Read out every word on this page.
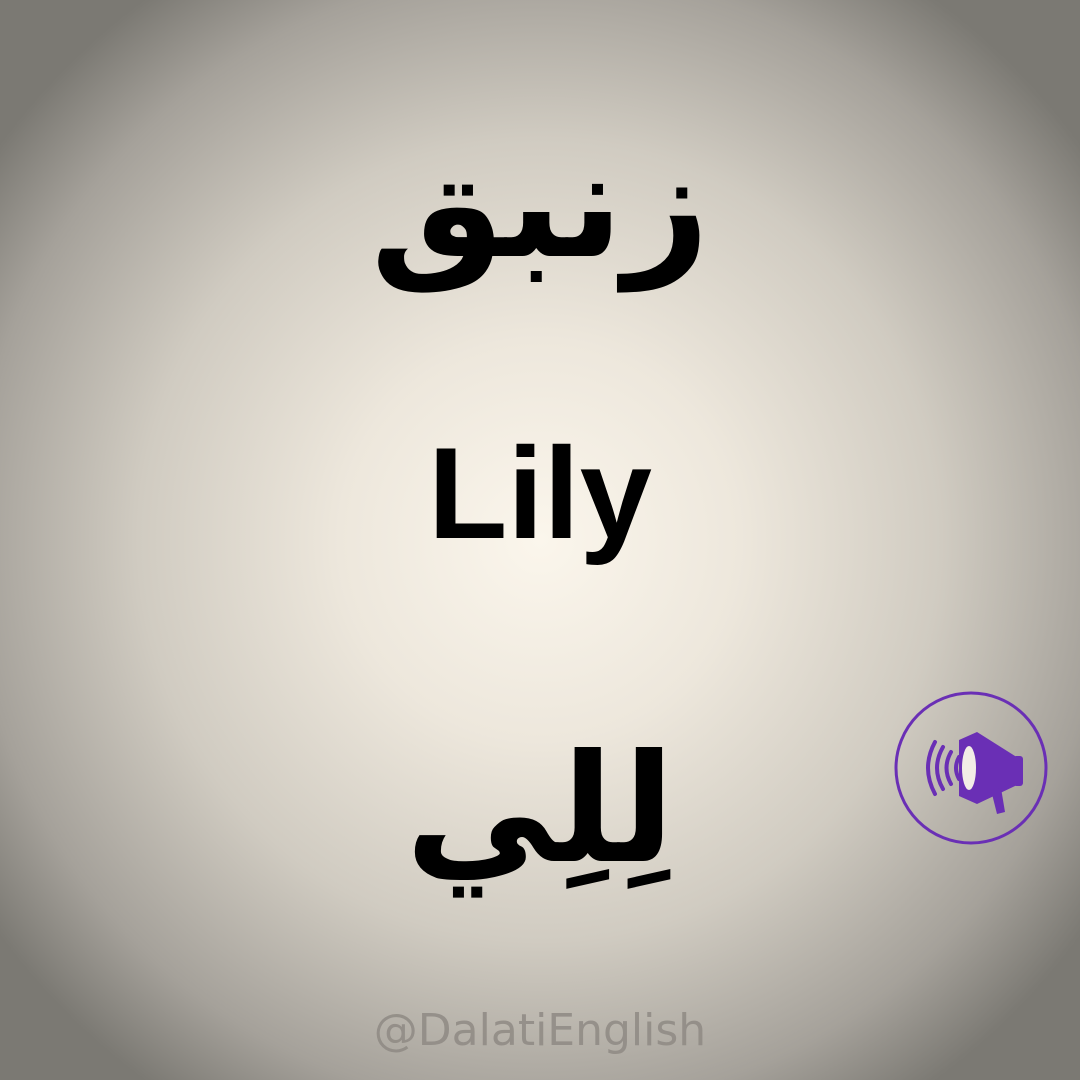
زنبق
Lily
لِلِي
@DalatiEnglish
